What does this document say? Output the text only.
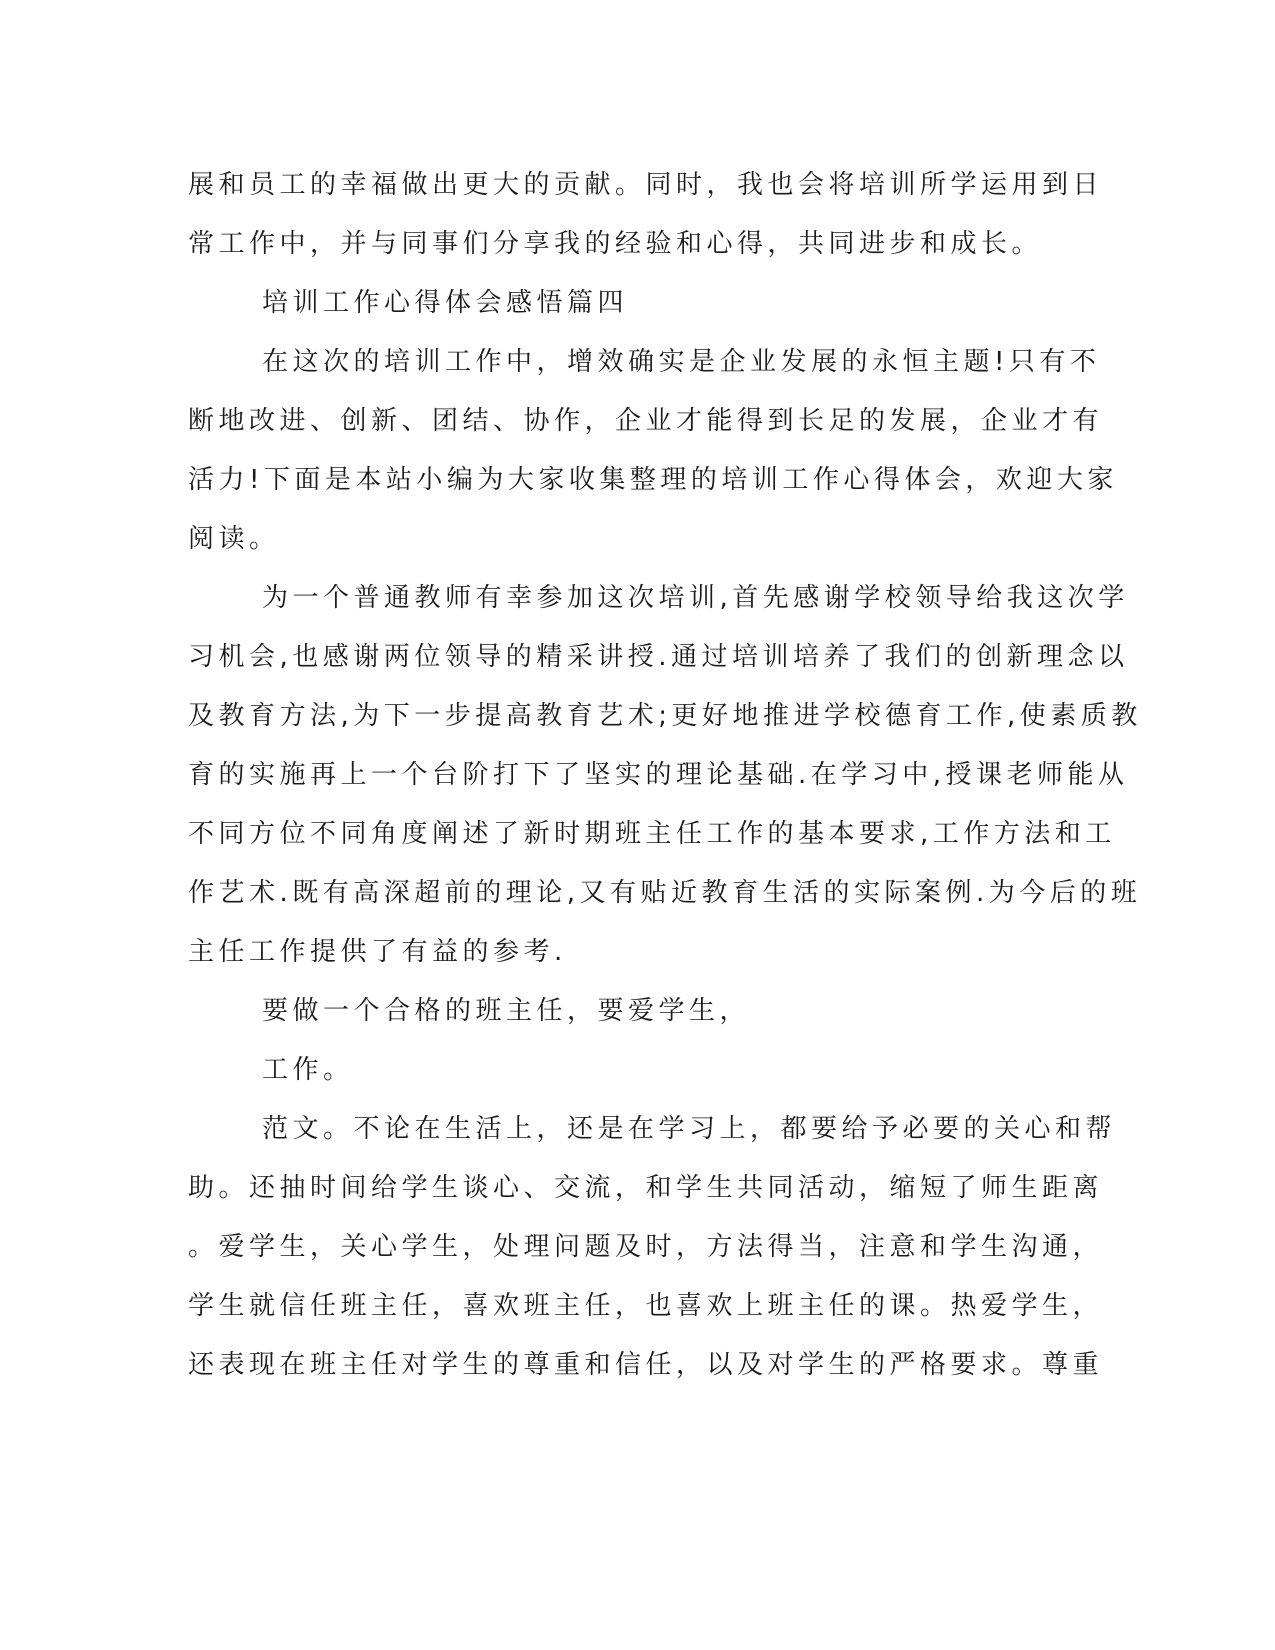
展和员工的幸福做出更大的贡献。同时，我也会将培训所学运用到日
常工作中，并与同事们分享我的经验和心得，共同进步和成长。
培训工作心得体会感悟篇四
在这次的培训工作中，增效确实是企业发展的永恒主题!只有不
断地改进、创新、团结、协作，企业才能得到长足的发展，企业才有
活力!下面是本站小编为大家收集整理的培训工作心得体会，欢迎大家
阅读。
为一个普通教师有幸参加这次培训,首先感谢学校领导给我这次学
习机会,也感谢两位领导的精采讲授.通过培训培养了我们的创新理念以
及教育方法,为下一步提高教育艺术;更好地推进学校德育工作,使素质教
育的实施再上一个台阶打下了坚实的理论基础.在学习中,授课老师能从
不同方位不同角度阐述了新时期班主任工作的基本要求,工作方法和工
作艺术.既有高深超前的理论,又有贴近教育生活的实际案例.为今后的班
主任工作提供了有益的参考.
要做一个合格的班主任，要爱学生，
工作。
范文。不论在生活上，还是在学习上，都要给予必要的关心和帮
助。还抽时间给学生谈心、交流，和学生共同活动，缩短了师生距离
。爱学生，关心学生，处理问题及时，方法得当，注意和学生沟通，
学生就信任班主任，喜欢班主任，也喜欢上班主任的课。热爱学生，
还表现在班主任对学生的尊重和信任，以及对学生的严格要求。尊重
